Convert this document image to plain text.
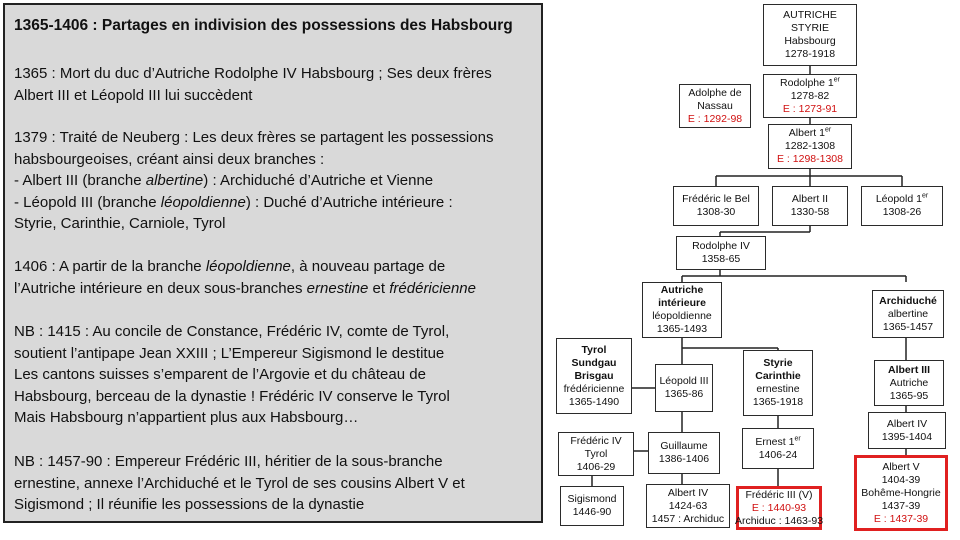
1365-1406 : Partages en indivision des possessions des Habsbourg

1365 : Mort du duc d’Autriche Rodolphe IV Habsbourg ; Ses deux frères
Albert III et Léopold III lui succèdent

1379 : Traité de Neuberg : Les deux frères se partagent les possessions
habsbourgeoises, créant ainsi deux branches :
- Albert III (branche albertine) : Archiduché d’Autriche et Vienne
- Léopold III (branche léopoldienne) : Duché d’Autriche intérieure :
Styrie, Carinthie, Carniole, Tyrol

1406 : A partir de la branche léopoldienne, à nouveau partage de
l’Autriche intérieure en deux sous-branches ernestine et frédéricienne

NB : 1415 : Au concile de Constance, Frédéric IV, comte de Tyrol,
soutient l’antipape Jean XXIII ; L’Empereur Sigismond le destitue
Les cantons suisses s’emparent de l’Argovie et du château de
Habsbourg, berceau de la dynastie ! Frédéric IV conserve le Tyrol
Mais Habsbourg n’appartient plus aux Habsbourg…

NB : 1457-90 : Empereur Frédéric III, héritier de la sous-branche
ernestine, annexe l’Archiduché et le Tyrol de ses cousins Albert V et
Sigismond ; Il réunifie les possessions de la dynastie

AUTRICHE
STYRIE
Habsbourg
1278-1918
Rodolphe 1er
1278-82
E : 1273-91
Adolphe de
Nassau
E : 1292-98
Albert 1er
1282-1308
E : 1298-1308
Frédéric le Bel
1308-30
Albert II
1330-58
Léopold 1er
1308-26
Rodolphe IV
1358-65
Autriche
intérieure
léopoldienne
1365-1493
Archiduché
albertine
1365-1457
Tyrol
Sundgau
Brisgau
frédéricienne
1365-1490
Léopold III
1365-86
Styrie
Carinthie
ernestine
1365-1918
Albert III
Autriche
1365-95
Frédéric IV
Tyrol
1406-29
Guillaume
1386-1406
Ernest 1er
1406-24
Albert IV
1395-1404
Sigismond
1446-90
Albert IV
1424-63
1457 : Archiduc
Frédéric III (V)
E : 1440-93
Archiduc : 1463-93
Albert V
1404-39
Bohême-Hongrie
1437-39
E : 1437-39
